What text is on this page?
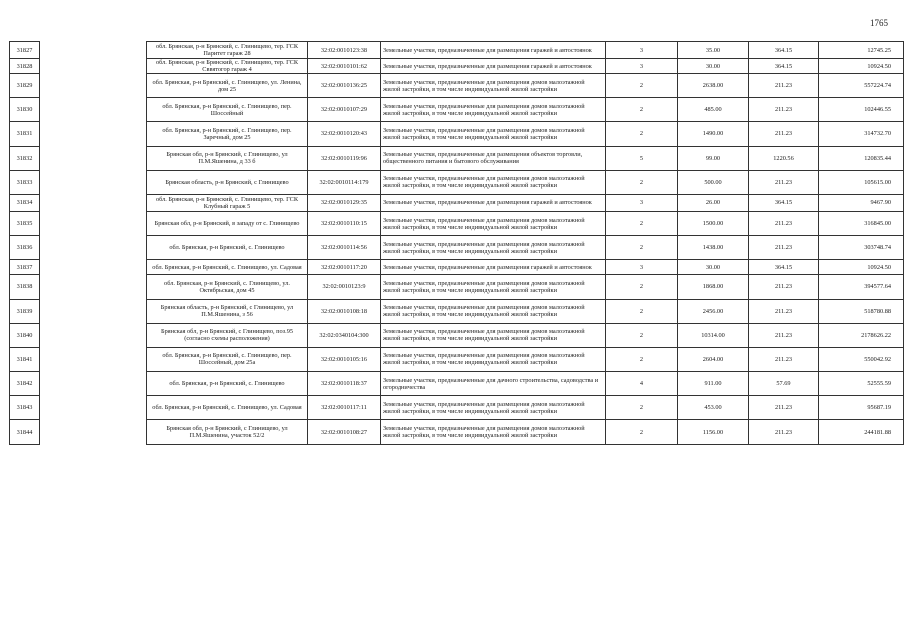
1765
31827		обл. Брянская, р-н Брянский, с. Глинищево, тер. ГСК Паритет гараж 28	32:02:0010123:38	Земельные участки, предназначенные для размещения гаражей и автостоянок	3	35.00	364.15	12745.25
31828		обл. Брянская, р-н Брянский, с. Глинищево, тер. ГСК Сввятогор гараж 4	32:02:0010101:62	Земельные участки, предназначенные для размещения гаражей и автостоянок	3	30.00	364.15	10924.50
31829		обл. Брянская, р-н Брянский, с. Глинищево, ул. Ленина, дом 25	32:02:0010136:25	Земельные участки, предназначенные для размещения домов малоэтажной жилой застройки, в том числе индивидуальной жилой застройки	2	2638.00	211.23	557224.74
31830		обл. Брянская, р-н Брянский, с. Глинищево, пер. Шоссейный	32:02:0010107:29	Земельные участки, предназначенные для размещения домов малоэтажной жилой застройки, в том числе индивидуальной жилой застройки	2	485.00	211.23	102446.55
31831		обл. Брянская, р-н Брянский, с. Глинищево, пер. Заречный, дом 25	32:02:0010120:43	Земельные участки, предназначенные для размещения домов малоэтажной жилой застройки, в том числе индивидуальной жилой застройки	2	1490.00	211.23	314732.70
31832		Брянская обл, р-н Брянский, с Глинищево, ул П.М.Яшенина, д 33 б	32:02:0010119:96	Земельные участки, предназначенные для размещения объектов торговли, общественного питания и бытового обслуживания	5	99.00	1220.56	120835.44
31833		Брянская область, р-н Брянский, с Глинищево	32:02:0010114:179	Земельные участки, предназначенные для размещения домов малоэтажной жилой застройки, в том числе индивидуальной жилой застройки	2	500.00	211.23	105615.00
31834		обл. Брянская, р-н Брянский, с. Глинищево, тер. ГСК Клубный гараж 5	32:02:0010129:35	Земельные участки, предназначенные для размещения гаражей и автостоянок	3	26.00	364.15	9467.90
31835		Брянская обл, р-н Брянский, в западу от с. Глинищево	32:02:0010110:15	Земельные участки, предназначенные для размещения домов малоэтажной жилой застройки, в том числе индивидуальной жилой застройки	2	1500.00	211.23	316845.00
31836		обл. Брянская, р-н Брянский, с. Глинищево	32:02:0010114:56	Земельные участки, предназначенные для размещения домов малоэтажной жилой застройки, в том числе индивидуальной жилой застройки	2	1438.00	211.23	303748.74
31837		обл. Брянская, р-н Брянский, с. Глинищево, ул. Садовая	32:02:0010117:20	Земельные участки, предназначенные для размещения гаражей и автостоянок	3	30.00	364.15	10924.50
31838		обл. Брянская, р-н Брянский, с. Глинищево, ул. Октябрьская, дом 45	32:02:0010123:9	Земельные участки, предназначенные для размещения домов малоэтажной жилой застройки, в том числе индивидуальной жилой застройки	2	1868.00	211.23	394577.64
31839		Брянская область, р-н Брянский, с Глинищево, ул П.М.Яшенина, з 56	32:02:0010108:18	Земельные участки, предназначенные для размещения домов малоэтажной жилой застройки, в том числе индивидуальной жилой застройки	2	2456.00	211.23	518780.88
31840		Брянская обл, р-н Брянский, с Глинищево, поз.95 (согласно схемы расположения)	32:02:0340104:300	Земельные участки, предназначенные для размещения домов малоэтажной жилой застройки, в том числе индивидуальной жилой застройки	2	10314.00	211.23	2178626.22
31841		обл. Брянская, р-н Брянский, с. Глинищево, пер. Шоссейный, дом 25а	32:02:0010105:16	Земельные участки, предназначенные для размещения домов малоэтажной жилой застройки, в том числе индивидуальной жилой застройки	2	2604.00	211.23	550042.92
31842		обл. Брянская, р-н Брянский, с. Глинищево	32:02:0010118:37	Земельные участки, предназначенные для дачного строительства, садоводства и огородничества	4	911.00	57.69	52555.59
31843		обл. Брянская, р-н Брянский, с. Глинищево, ул. Садовая	32:02:0010117:11	Земельные участки, предназначенные для размещения домов малоэтажной жилой застройки, в том числе индивидуальной жилой застройки	2	453.00	211.23	95687.19
31844		Брянская обл, р-н Брянский, с Глинищево, ул П.М.Яшенина, участок 52/2	32:02:0010108:27	Земельные участки, предназначенные для размещения домов малоэтажной жилой застройки, в том числе индивидуальной жилой застройки	2	1156.00	211.23	244181.88
